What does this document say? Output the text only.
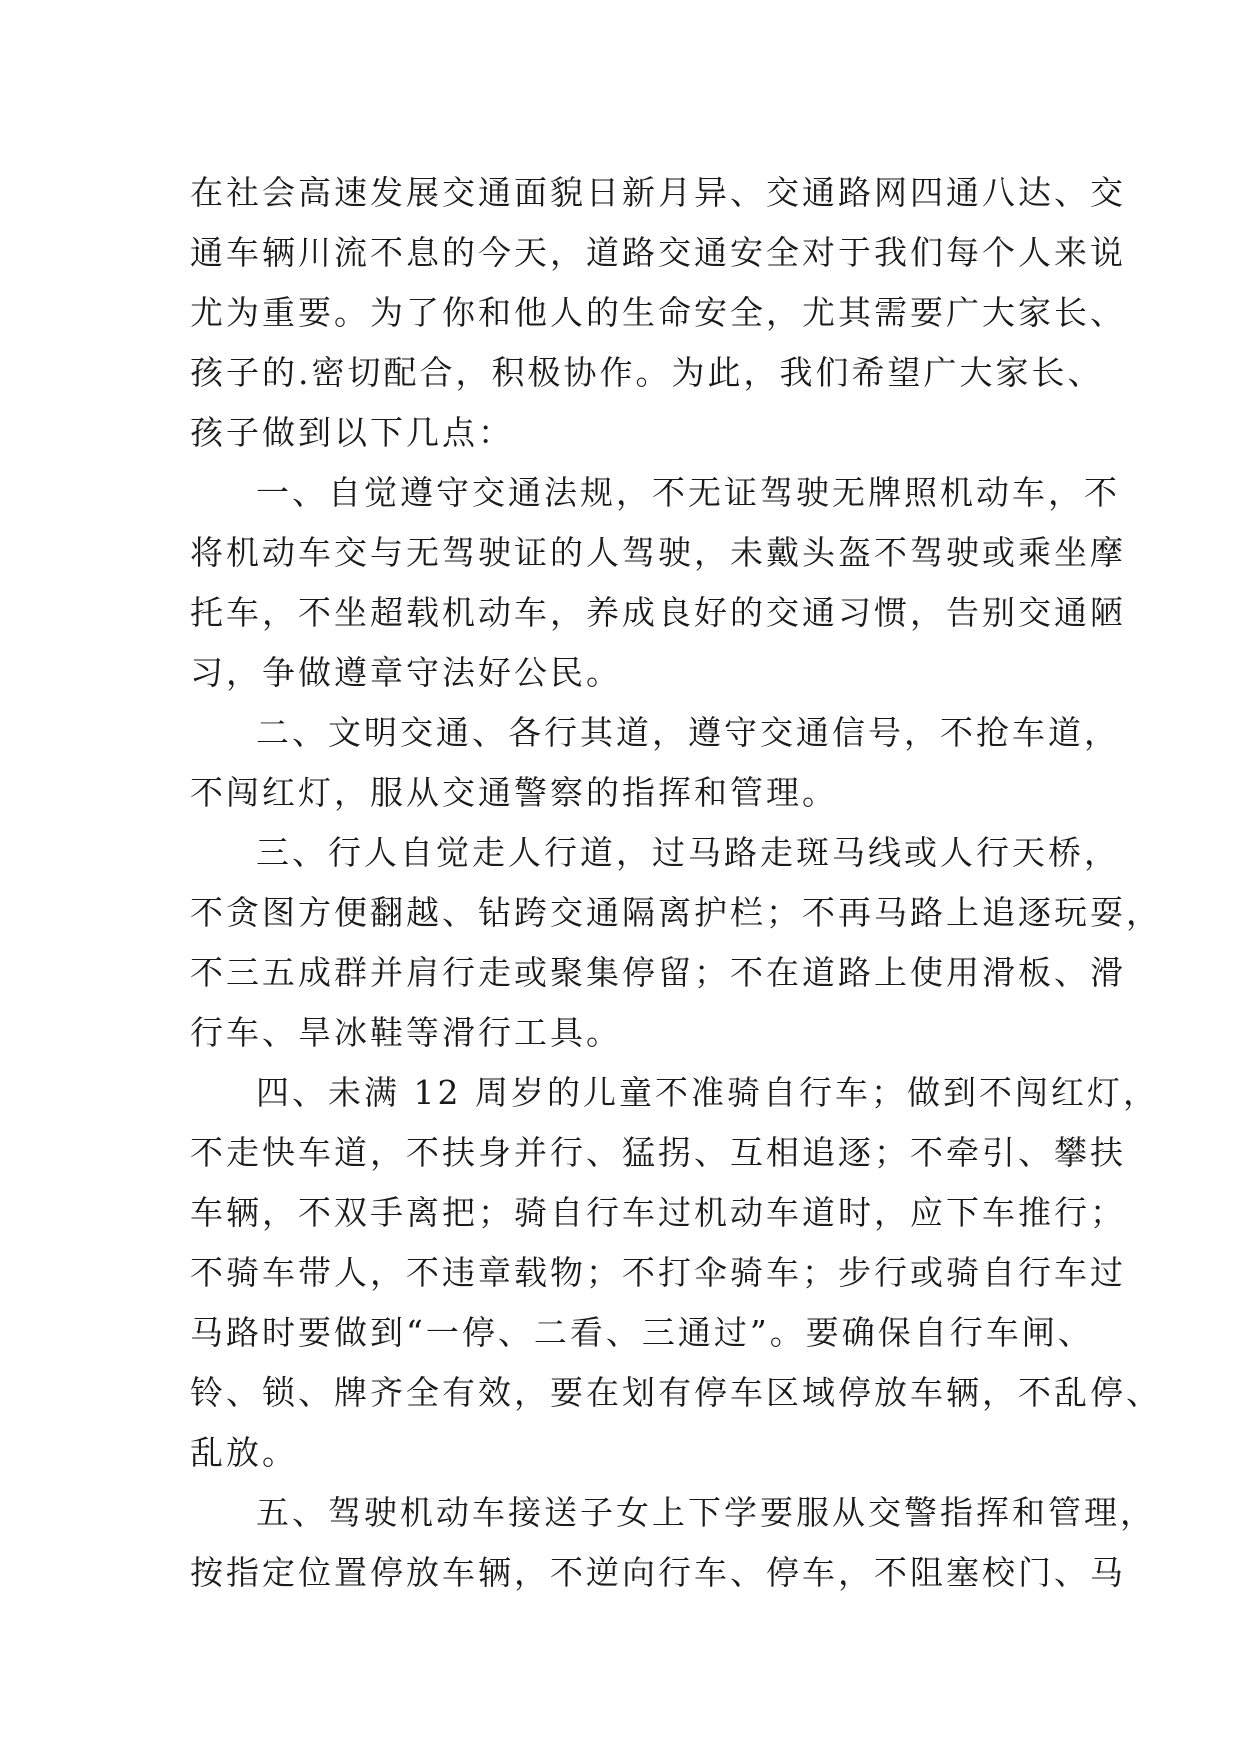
在社会高速发展交通面貌日新月异、交通路网四通八达、交
通车辆川流不息的今天，道路交通安全对于我们每个人来说
尤为重要。为了你和他人的生命安全，尤其需要广大家长、
孩子的.密切配合，积极协作。为此，我们希望广大家长、
孩子做到以下几点：
一、自觉遵守交通法规，不无证驾驶无牌照机动车，不
将机动车交与无驾驶证的人驾驶，未戴头盔不驾驶或乘坐摩
托车，不坐超载机动车，养成良好的交通习惯，告别交通陋
习，争做遵章守法好公民。
二、文明交通、各行其道，遵守交通信号，不抢车道，
不闯红灯，服从交通警察的指挥和管理。
三、行人自觉走人行道，过马路走斑马线或人行天桥，
不贪图方便翻越、钻跨交通隔离护栏；不再马路上追逐玩耍，
不三五成群并肩行走或聚集停留；不在道路上使用滑板、滑
行车、旱冰鞋等滑行工具。
四、未满 12 周岁的儿童不准骑自行车；做到不闯红灯，
不走快车道，不扶身并行、猛拐、互相追逐；不牵引、攀扶
车辆，不双手离把；骑自行车过机动车道时，应下车推行；
不骑车带人，不违章载物；不打伞骑车；步行或骑自行车过
马路时要做到“一停、二看、三通过”。要确保自行车闸、
铃、锁、牌齐全有效，要在划有停车区域停放车辆，不乱停、
乱放。
五、驾驶机动车接送子女上下学要服从交警指挥和管理，
按指定位置停放车辆，不逆向行车、停车，不阻塞校门、马
